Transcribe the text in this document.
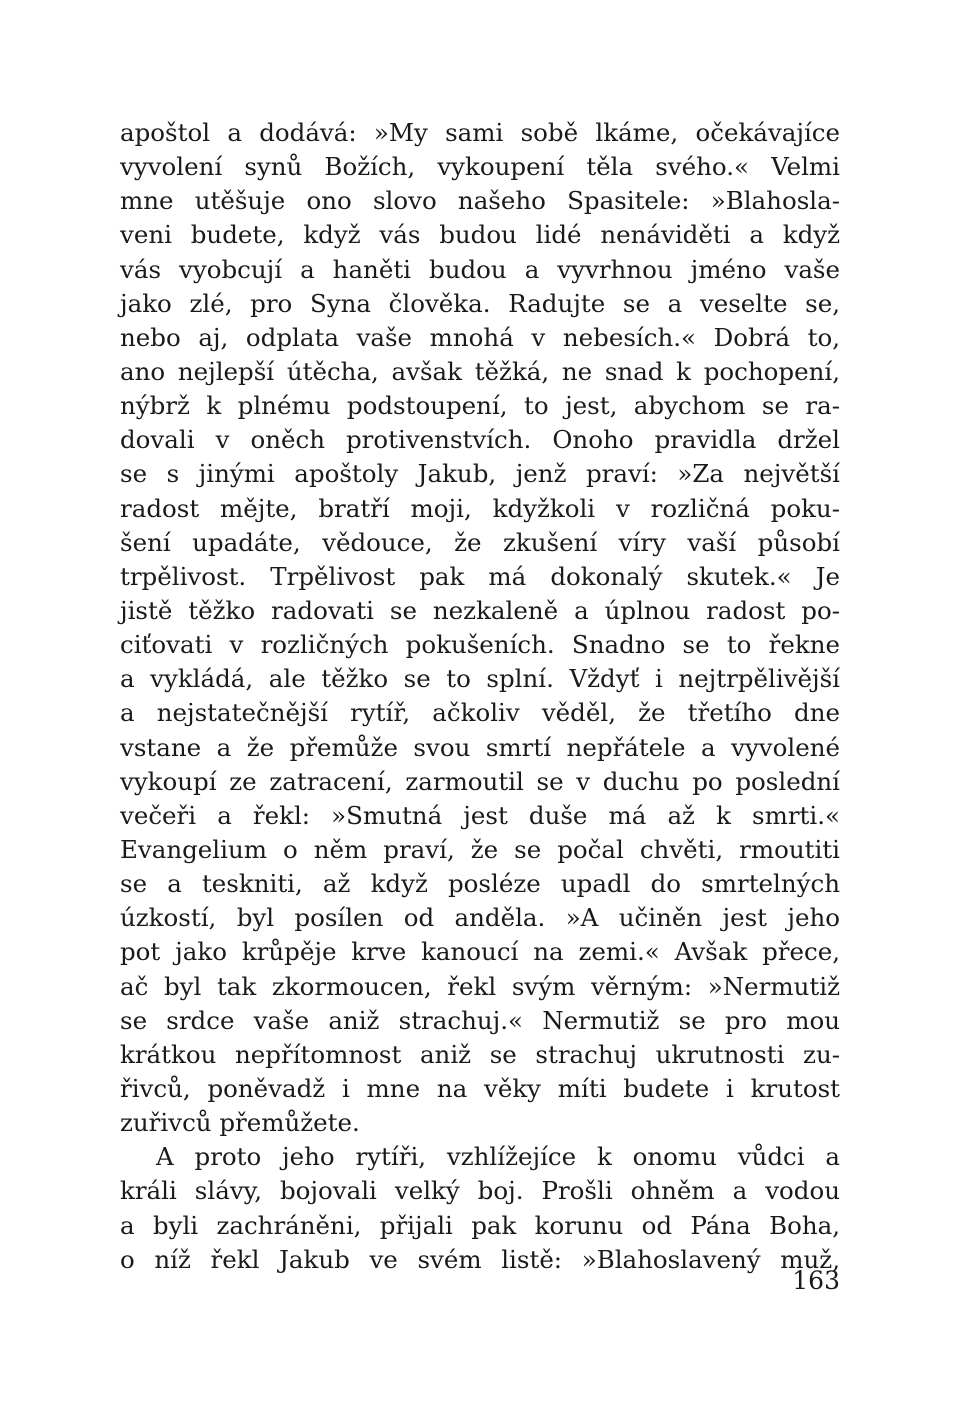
apoštol a dodává: »My sami sobě lkáme, očekávajíce
vyvolení synů Božích, vykoupení těla svého.« Velmi
mne utěšuje ono slovo našeho Spasitele: »Blahosla-
veni budete, když vás budou lidé nenáviděti a když
vás vyobcují a haněti budou a vyvrhnou jméno vaše
jako zlé, pro Syna člověka. Radujte se a veselte se,
nebo aj, odplata vaše mnohá v nebesích.« Dobrá to,
ano nejlepší útěcha, avšak těžká, ne snad k pochopení,
nýbrž k plnému podstoupení, to jest, abychom se ra-
dovali v oněch protivenstvích. Onoho pravidla držel
se s jinými apoštoly Jakub, jenž praví: »Za největší
radost mějte, bratří moji, kdyžkoli v rozličná poku-
šení upadáte, vědouce, že zkušení víry vaší působí
trpělivost. Trpělivost pak má dokonalý skutek.« Je
jistě těžko radovati se nezkaleně a úplnou radost po-
ciťovati v rozličných pokušeních. Snadno se to řekne
a vykládá, ale těžko se to splní. Vždyť i nejtrpělivější
a nejstatečnější rytíř, ačkoliv věděl, že třetího dne
vstane a že přemůže svou smrtí nepřátele a vyvolené
vykoupí ze zatracení, zarmoutil se v duchu po poslední
večeři a řekl: »Smutná jest duše má až k smrti.«
Evangelium o něm praví, že se počal chvěti, rmoutiti
se a teskniti, až když posléze upadl do smrtelných
úzkostí, byl posílen od anděla. »A učiněn jest jeho
pot jako krůpěje krve kanoucí na zemi.« Avšak přece,
ač byl tak zkormoucen, řekl svým věrným: »Nermutiž
se srdce vaše aniž strachuj.« Nermutiž se pro mou
krátkou nepřítomnost aniž se strachuj ukrutnosti zu-
řivců, poněvadž i mne na věky míti budete i krutost
zuřivců přemůžete.
A proto jeho rytíři, vzhlížejíce k onomu vůdci a
králi slávy, bojovali velký boj. Prošli ohněm a vodou
a byli zachráněni, přijali pak korunu od Pána Boha,
o níž řekl Jakub ve svém listě: »Blahoslavený muž,
163
